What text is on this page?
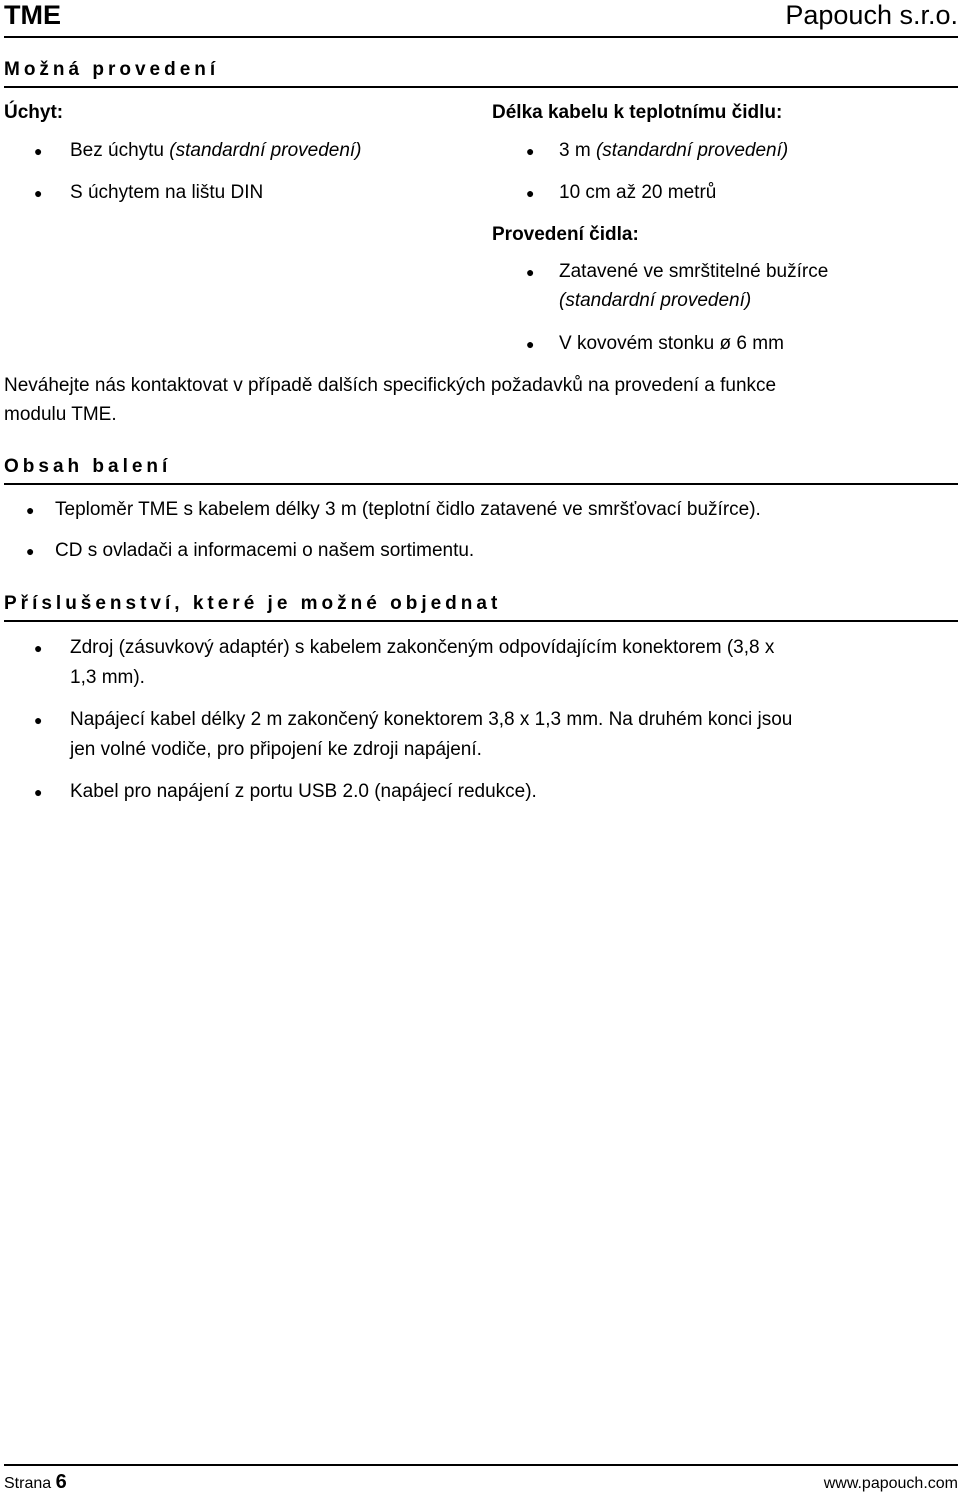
TME	Papouch s.r.o.
Možná provedení
Úchyt:
● Bez úchytu (standardní provedení)
● S úchytem na lištu DIN
Délka kabelu k teplotnímu čidlu:
● 3 m (standardní provedení)
● 10 cm až 20 metrů
Provedení čidla:
● Zatavené ve smrštitelné bužírce
(standardní provedení)
● V kovovém stonku ø 6 mm
Neváhejte nás kontaktovat v případě dalších specifických požadavků na provedení a funkce
modulu TME.
Obsah balení
● Teploměr TME s kabelem délky 3 m (teplotní čidlo zatavené ve smršťovací bužírce).
● CD s ovladači a informacemi o našem sortimentu.
Příslušenství, které je možné objednat
● Zdroj (zásuvkový adaptér) s kabelem zakončeným odpovídajícím konektorem (3,8 x
1,3 mm).
● Napájecí kabel délky 2 m zakončený konektorem 3,8 x 1,3 mm. Na druhém konci jsou
jen volné vodiče, pro připojení ke zdroji napájení.
● Kabel pro napájení z portu USB 2.0 (napájecí redukce).
Strana 6	www.papouch.com
